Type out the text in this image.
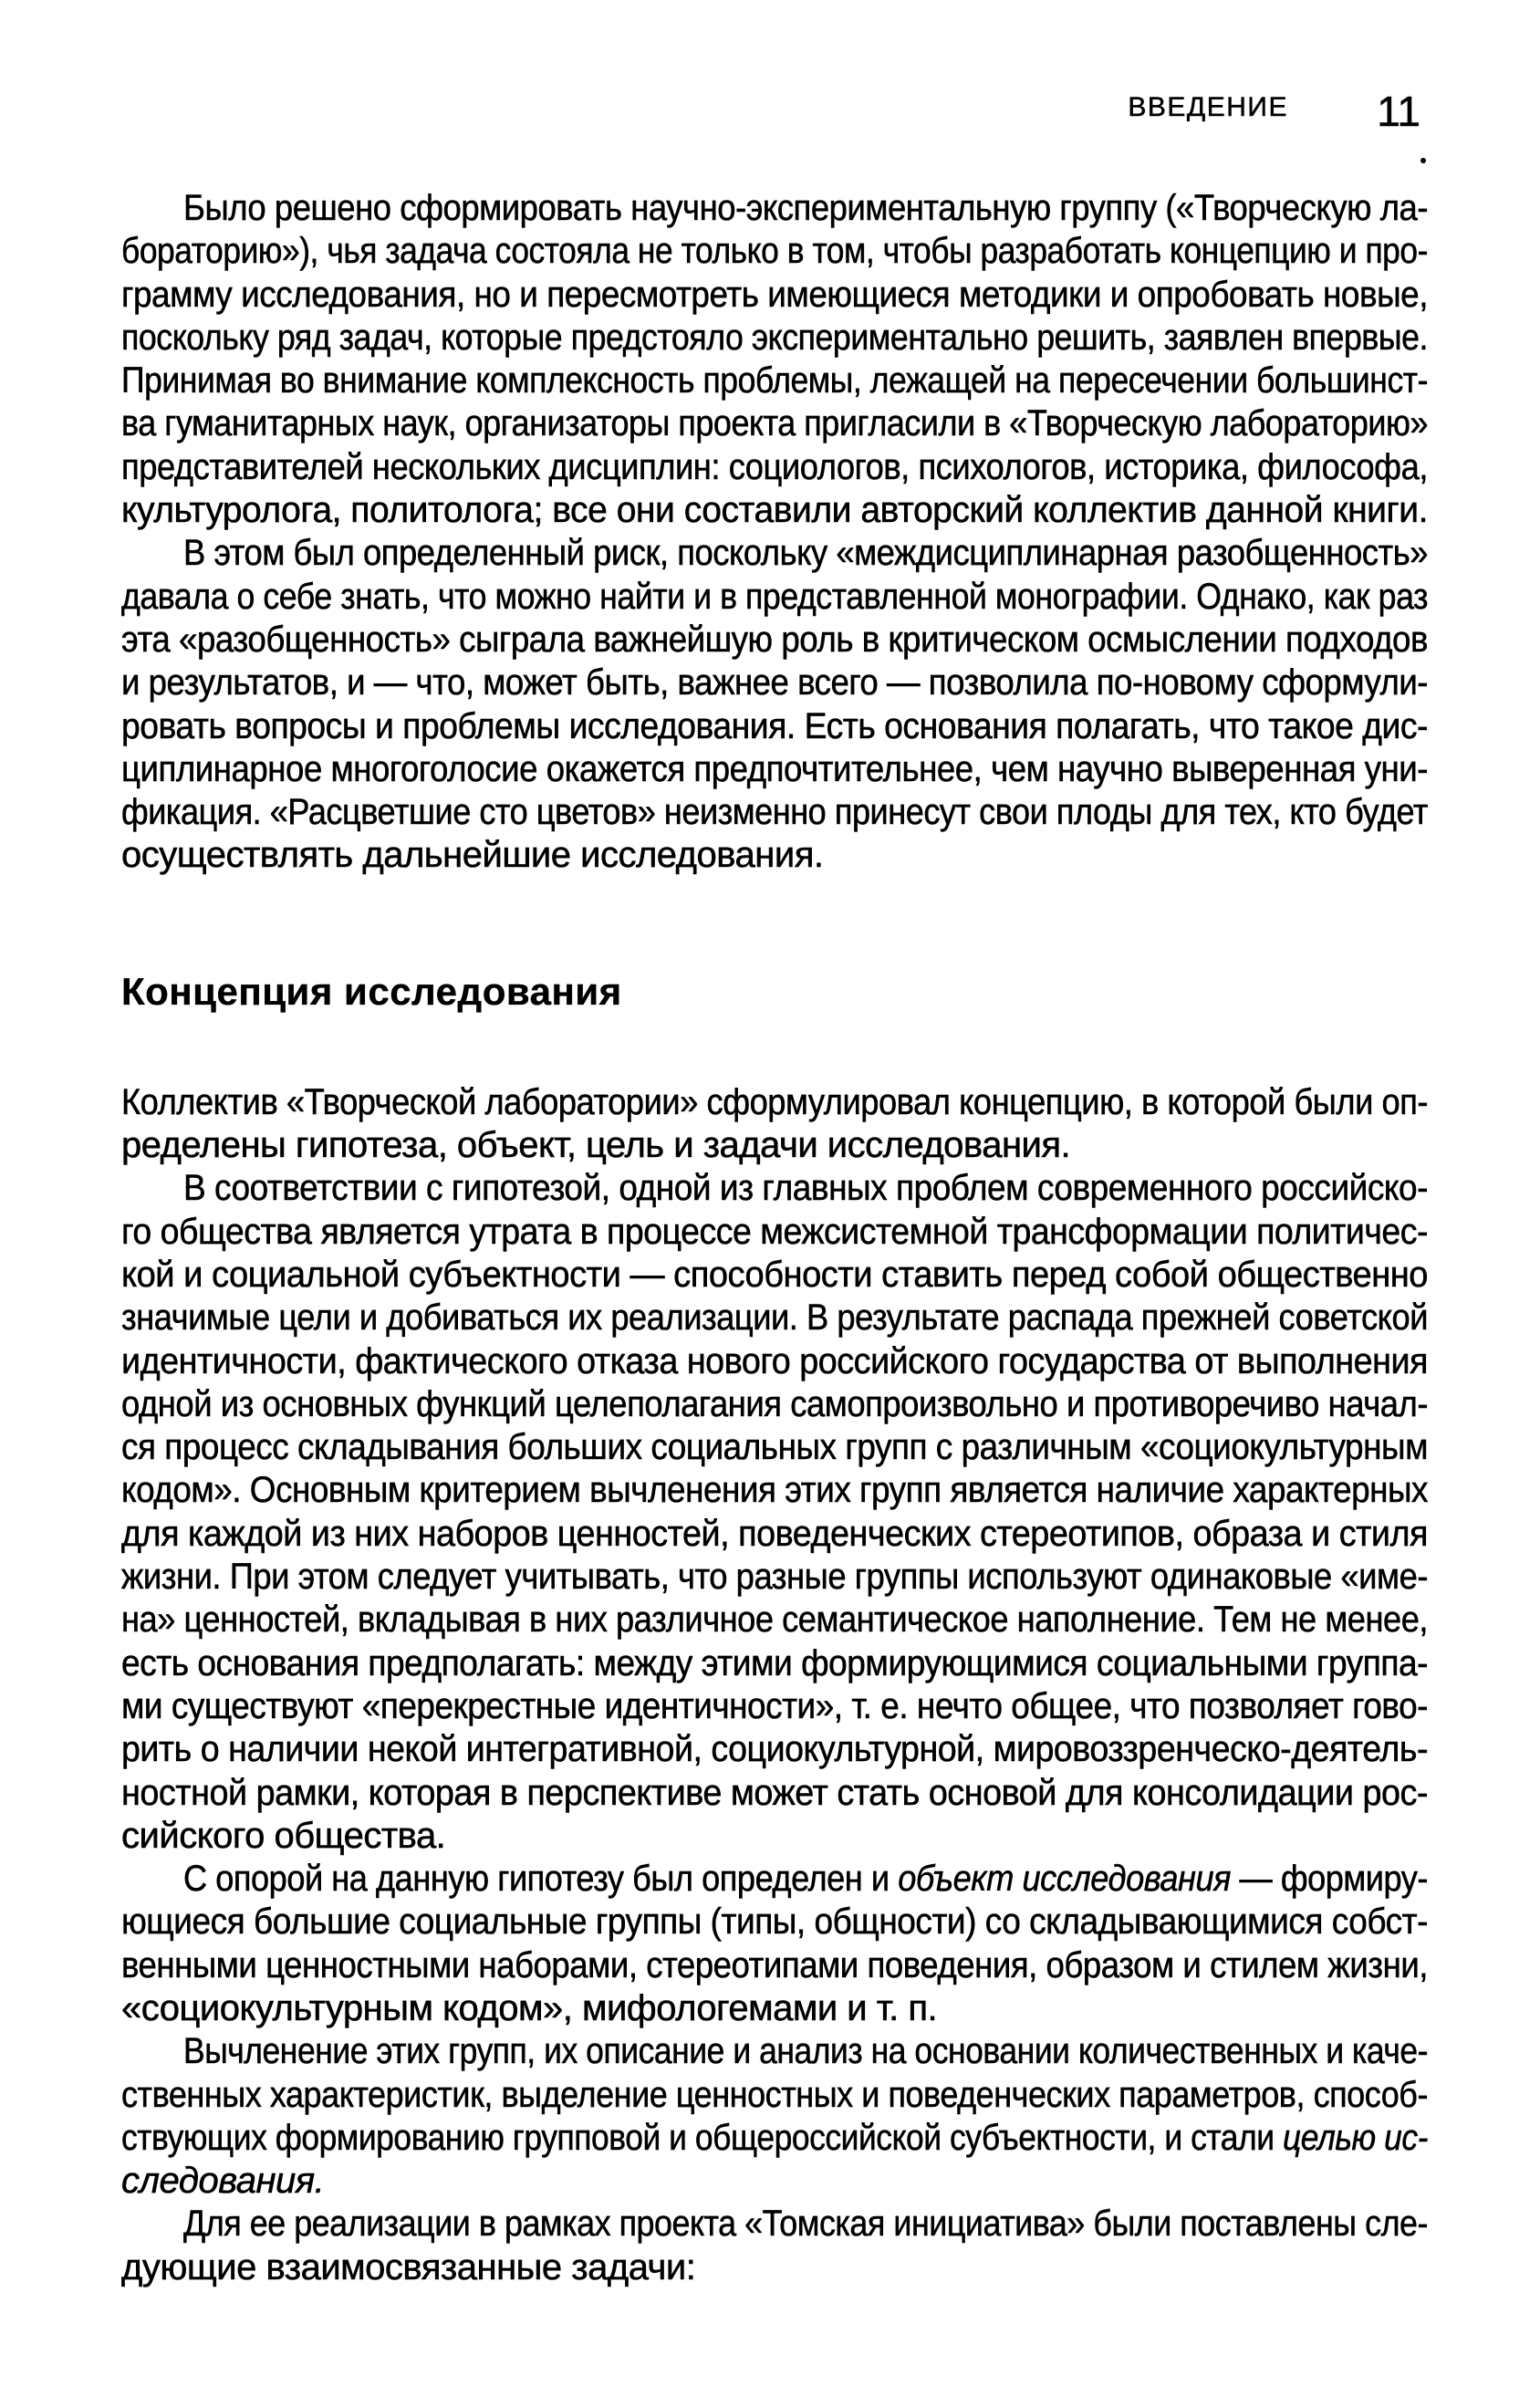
ВВЕДЕНИЕ 11
Было решено сформировать научно-экспериментальную группу («Творческую ла-
бораторию»), чья задача состояла не только в том, чтобы разработать концепцию и про-
грамму исследования, но и пересмотреть имеющиеся методики и опробовать новые,
поскольку ряд задач, которые предстояло экспериментально решить, заявлен впервые.
Принимая во внимание комплексность проблемы, лежащей на пересечении большинст-
ва гуманитарных наук, организаторы проекта пригласили в «Творческую лабораторию»
представителей нескольких дисциплин: социологов, психологов, историка, философа,
культуролога, политолога; все они составили авторский коллектив данной книги.
В этом был определенный риск, поскольку «междисциплинарная разобщенность»
давала о себе знать, что можно найти и в представленной монографии. Однако, как раз
эта «разобщенность» сыграла важнейшую роль в критическом осмыслении подходов
и результатов, и — что, может быть, важнее всего — позволила по-новому сформули-
ровать вопросы и проблемы исследования. Есть основания полагать, что такое дис-
циплинарное многоголосие окажется предпочтительнее, чем научно выверенная уни-
фикация. «Расцветшие сто цветов» неизменно принесут свои плоды для тех, кто будет
осуществлять дальнейшие исследования.
Концепция исследования
Коллектив «Творческой лаборатории» сформулировал концепцию, в которой были оп-
ределены гипотеза, объект, цель и задачи исследования.
В соответствии с гипотезой, одной из главных проблем современного российско-
го общества является утрата в процессе межсистемной трансформации политичес-
кой и социальной субъектности — способности ставить перед собой общественно
значимые цели и добиваться их реализации. В результате распада прежней советской
идентичности, фактического отказа нового российского государства от выполнения
одной из основных функций целеполагания самопроизвольно и противоречиво начал-
ся процесс складывания больших социальных групп с различным «социокультурным
кодом». Основным критерием вычленения этих групп является наличие характерных
для каждой из них наборов ценностей, поведенческих стереотипов, образа и стиля
жизни. При этом следует учитывать, что разные группы используют одинаковые «име-
на» ценностей, вкладывая в них различное семантическое наполнение. Тем не менее,
есть основания предполагать: между этими формирующимися социальными группа-
ми существуют «перекрестные идентичности», т. е. нечто общее, что позволяет гово-
рить о наличии некой интегративной, социокультурной, мировоззренческо-деятель-
ностной рамки, которая в перспективе может стать основой для консолидации рос-
сийского общества.
С опорой на данную гипотезу был определен и объект исследования — формиру-
ющиеся большие социальные группы (типы, общности) со складывающимися собст-
венными ценностными наборами, стереотипами поведения, образом и стилем жизни,
«социокультурным кодом», мифологемами и т. п.
Вычленение этих групп, их описание и анализ на основании количественных и каче-
ственных характеристик, выделение ценностных и поведенческих параметров, способ-
ствующих формированию групповой и общероссийской субъектности, и стали целью ис-
следования.
Для ее реализации в рамках проекта «Томская инициатива» были поставлены сле-
дующие взаимосвязанные задачи:
